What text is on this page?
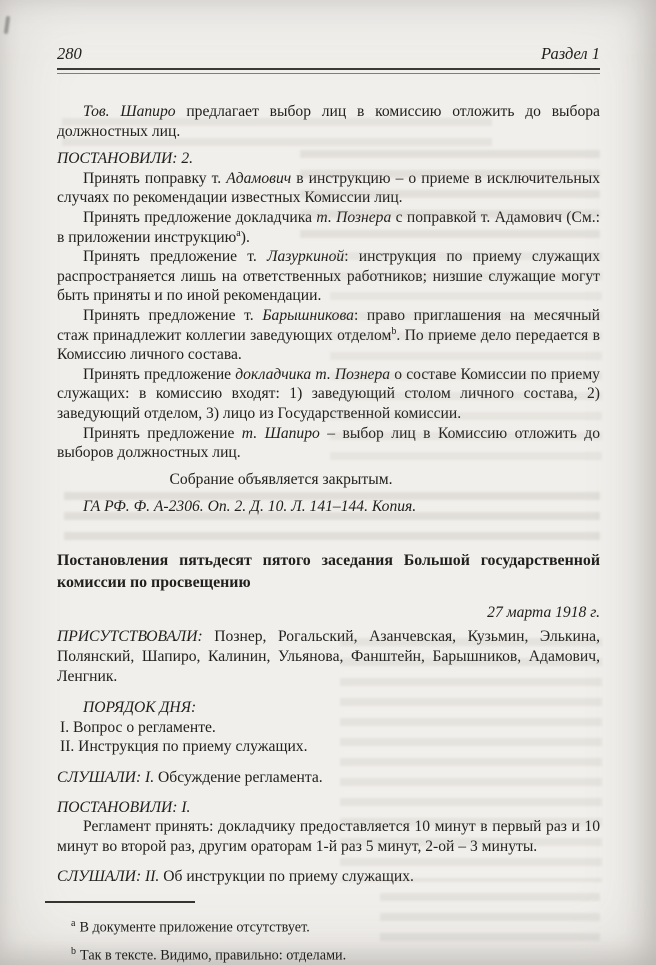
280	Раздел 1

Тов. Шапиро предлагает выбор лиц в комиссию отложить до выбора должностных лиц.

ПОСТАНОВИЛИ: 2.

Принять поправку т. Адамович в инструкцию – о приеме в исключительных случаях по рекомендации известных Комиссии лиц.

Принять предложение докладчика т. Познера с поправкой т. Адамович (См.: в приложении инструкцию$^а$).

Принять предложение т. Лазуркиной: инструкция по приему служащих распространяется лишь на ответственных работников; низшие служащие могут быть приняты и по иной рекомендации.

Принять предложение т. Барышникова: право приглашения на месячный стаж принадлежит коллегии заведующих отделом$^b$. По приеме дело передается в Комиссию личного состава.

Принять предложение докладчика т. Познера о составе Комиссии по приему служащих: в комиссию входят: 1) заведующий столом личного состава, 2) заведующий отделом, 3) лицо из Государственной комиссии.

Принять предложение т. Шапиро – выбор лиц в Комиссию отложить до выборов должностных лиц.

Собрание объявляется закрытым.

ГА РФ. Ф. А-2306. Оп. 2. Д. 10. Л. 141–144. Копия.

Постановления пятьдесят пятого заседания Большой государственной комиссии по просвещению

27 марта 1918 г.

ПРИСУТСТВОВАЛИ: Познер, Рогальский, Азанчевская, Кузьмин, Элькина, Полянский, Шапиро, Калинин, Ульянова, Фанштейн, Барышников, Адамович, Ленгник.

ПОРЯДОК ДНЯ:

I. Вопрос о регламенте.

II. Инструкция по приему служащих.

СЛУШАЛИ: I. Обсуждение регламента.

ПОСТАНОВИЛИ: I.

Регламент принять: докладчику предоставляется 10 минут в первый раз и 10 минут во второй раз, другим ораторам 1-й раз 5 минут, 2-ой – 3 минуты.

СЛУШАЛИ: II. Об инструкции по приему служащих.

$^а$ В документе приложение отсутствует.

$^b$ Так в тексте. Видимо, правильно: отделами.
